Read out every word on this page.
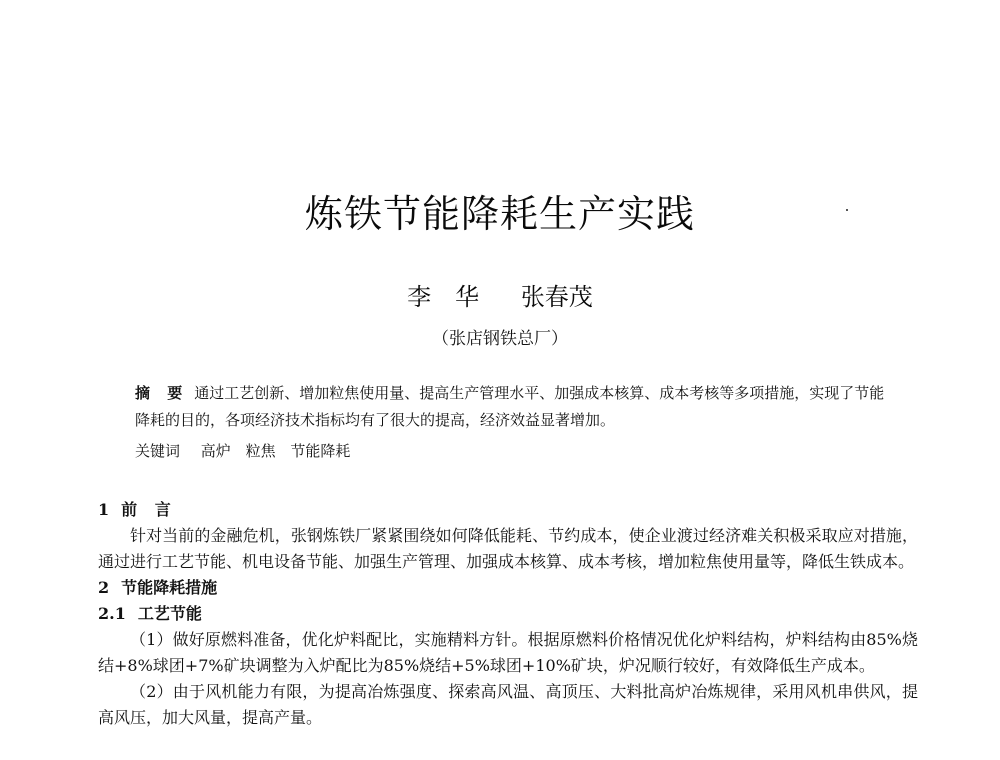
炼铁节能降耗生产实践
李　华 张春茂
（张店钢铁总厂）
摘 要 通过工艺创新、增加粒焦使用量、提高生产管理水平、加强成本核算、成本考核等多项措施，实现了节能降耗的目的，各项经济技术指标均有了很大的提高，经济效益显著增加。
关键词 高炉 粒焦 节能降耗
1 前 言
针对当前的金融危机，张钢炼铁厂紧紧围绕如何降低能耗、节约成本，使企业渡过经济难关积极采取应对措施，通过进行工艺节能、机电设备节能、加强生产管理、加强成本核算、成本考核，增加粒焦使用量等，降低生铁成本。
2 节能降耗措施
2.1 工艺节能
（1）做好原燃料准备，优化炉料配比，实施精料方针。根据原燃料价格情况优化炉料结构，炉料结构由85%烧结+8%球团+7%矿块调整为入炉配比为85%烧结+5%球团+10%矿块，炉况顺行较好，有效降低生产成本。
（2）由于风机能力有限，为提高冶炼强度、探索高风温、高顶压、大料批高炉冶炼规律，采用风机串供风，提高风压，加大风量，提高产量。
